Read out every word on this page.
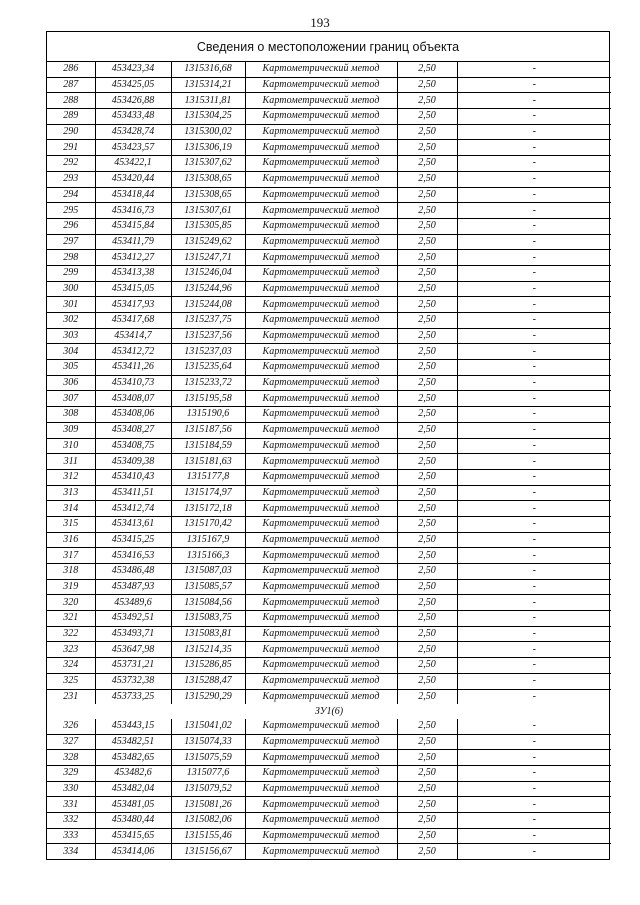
193
Сведения о местоположении границ объекта
286	453423,34	1315316,68	Картометрический метод	2,50	-
287	453425,05	1315314,21	Картометрический метод	2,50	-
288	453426,88	1315311,81	Картометрический метод	2,50	-
289	453433,48	1315304,25	Картометрический метод	2,50	-
290	453428,74	1315300,02	Картометрический метод	2,50	-
291	453423,57	1315306,19	Картометрический метод	2,50	-
292	453422,1	1315307,62	Картометрический метод	2,50	-
293	453420,44	1315308,65	Картометрический метод	2,50	-
294	453418,44	1315308,65	Картометрический метод	2,50	-
295	453416,73	1315307,61	Картометрический метод	2,50	-
296	453415,84	1315305,85	Картометрический метод	2,50	-
297	453411,79	1315249,62	Картометрический метод	2,50	-
298	453412,27	1315247,71	Картометрический метод	2,50	-
299	453413,38	1315246,04	Картометрический метод	2,50	-
300	453415,05	1315244,96	Картометрический метод	2,50	-
301	453417,93	1315244,08	Картометрический метод	2,50	-
302	453417,68	1315237,75	Картометрический метод	2,50	-
303	453414,7	1315237,56	Картометрический метод	2,50	-
304	453412,72	1315237,03	Картометрический метод	2,50	-
305	453411,26	1315235,64	Картометрический метод	2,50	-
306	453410,73	1315233,72	Картометрический метод	2,50	-
307	453408,07	1315195,58	Картометрический метод	2,50	-
308	453408,06	1315190,6	Картометрический метод	2,50	-
309	453408,27	1315187,56	Картометрический метод	2,50	-
310	453408,75	1315184,59	Картометрический метод	2,50	-
311	453409,38	1315181,63	Картометрический метод	2,50	-
312	453410,43	1315177,8	Картометрический метод	2,50	-
313	453411,51	1315174,97	Картометрический метод	2,50	-
314	453412,74	1315172,18	Картометрический метод	2,50	-
315	453413,61	1315170,42	Картометрический метод	2,50	-
316	453415,25	1315167,9	Картометрический метод	2,50	-
317	453416,53	1315166,3	Картометрический метод	2,50	-
318	453486,48	1315087,03	Картометрический метод	2,50	-
319	453487,93	1315085,57	Картометрический метод	2,50	-
320	453489,6	1315084,56	Картометрический метод	2,50	-
321	453492,51	1315083,75	Картометрический метод	2,50	-
322	453493,71	1315083,81	Картометрический метод	2,50	-
323	453647,98	1315214,35	Картометрический метод	2,50	-
324	453731,21	1315286,85	Картометрический метод	2,50	-
325	453732,38	1315288,47	Картометрический метод	2,50	-
231	453733,25	1315290,29	Картометрический метод	2,50	-
ЗУ1(6)					
326	453443,15	1315041,02	Картометрический метод	2,50	-
327	453482,51	1315074,33	Картометрический метод	2,50	-
328	453482,65	1315075,59	Картометрический метод	2,50	-
329	453482,6	1315077,6	Картометрический метод	2,50	-
330	453482,04	1315079,52	Картометрический метод	2,50	-
331	453481,05	1315081,26	Картометрический метод	2,50	-
332	453480,44	1315082,06	Картометрический метод	2,50	-
333	453415,65	1315155,46	Картометрический метод	2,50	-
334	453414,06	1315156,67	Картометрический метод	2,50	-
